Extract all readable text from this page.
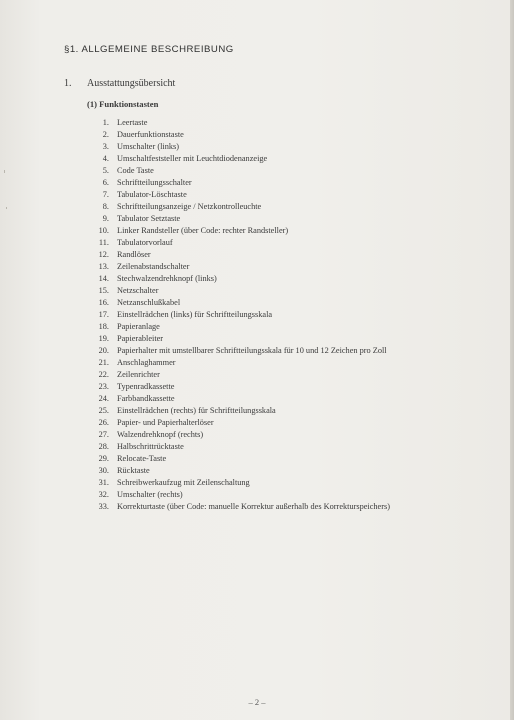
§1. ALLGEMEINE BESCHREIBUNG
1. Ausstattungsübersicht
(1) Funktionstasten
1. Leertaste
2. Dauerfunktionstaste
3. Umschalter (links)
4. Umschaltfeststeller mit Leuchtdiodenanzeige
5. Code Taste
6. Schriftteilungsschalter
7. Tabulator-Löschtaste
8. Schriftteilungsanzeige / Netzkontrolleuchte
9. Tabulator Setztaste
10. Linker Randsteller (über Code: rechter Randsteller)
11. Tabulatorvorlauf
12. Randlöser
13. Zeilenabstandschalter
14. Stechwalzendrehknopf (links)
15. Netzschalter
16. Netzanschlußkabel
17. Einstellrädchen (links) für Schriftteilungsskala
18. Papieranlage
19. Papierableiter
20. Papierhalter mit umstellbarer Schriftteilungsskala für 10 und 12 Zeichen pro Zoll
21. Anschlaghammer
22. Zeilenrichter
23. Typenradkassette
24. Farbbandkassette
25. Einstellrädchen (rechts) für Schriftteilungsskala
26. Papier- und Papierhalterlöser
27. Walzendrehknopf (rechts)
28. Halbschrittrücktaste
29. Relocate-Taste
30. Rücktaste
31. Schreibwerkaufzug mit Zeilenschaltung
32. Umschalter (rechts)
33. Korrekturtaste (über Code: manuelle Korrektur außerhalb des Korrekturspeichers)
– 2 –
